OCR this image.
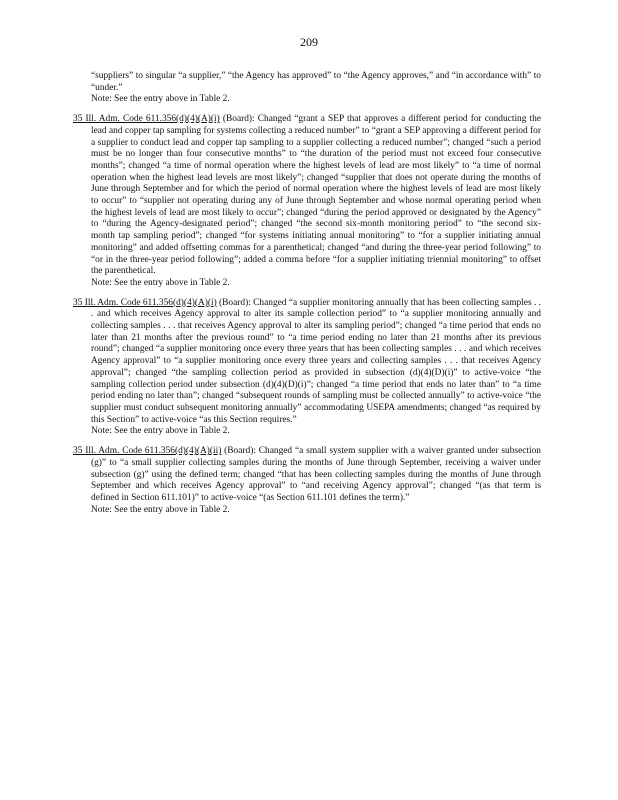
209

“suppliers” to singular “a supplier,” “the Agency has approved” to “the Agency approves,” and “in accordance with” to “under.”

Note: See the entry above in Table 2.

35 Ill. Adm. Code 611.356(d)(4)(A)(i) (Board): Changed “grant a SEP that approves a different period for conducting the lead and copper tap sampling for systems collecting a reduced number” to “grant a SEP approving a different period for a supplier to conduct lead and copper tap sampling to a supplier collecting a reduced number”; changed “such a period must be no longer than four consecutive months” to “the duration of the period must not exceed four consecutive months”; changed “a time of normal operation where the highest levels of lead are most likely” to “a time of normal operation when the highest lead levels are most likely”; changed “supplier that does not operate during the months of June through September and for which the period of normal operation where the highest levels of lead are most likely to occur” to “supplier not operating during any of June through September and whose normal operating period when the highest levels of lead are most likely to occur”; changed “during the period approved or designated by the Agency” to “during the Agency-designated period”; changed “the second six-month monitoring period” to “the second six-month tap sampling period”; changed “for systems initiating annual monitoring” to “for a supplier initiating annual monitoring” and added offsetting commas for a parenthetical; changed “and during the three-year period following” to “or in the three-year period following”; added a comma before “for a supplier initiating triennial monitoring” to offset the parenthetical.

Note: See the entry above in Table 2.

35 Ill. Adm. Code 611.356(d)(4)(A)(i) (Board): Changed “a supplier monitoring annually that has been collecting samples . . . and which receives Agency approval to alter its sample collection period” to “a supplier monitoring annually and collecting samples . . . that receives Agency approval to alter its sampling period”; changed “a time period that ends no later than 21 months after the previous round” to “a time period ending no later than 21 months after its previous round”; changed “a supplier monitoring once every three years that has been collecting samples . . . and which receives Agency approval” to “a supplier monitoring once every three years and collecting samples . . . that receives Agency approval”; changed “the sampling collection period as provided in subsection (d)(4)(D)(i)” to active-voice “the sampling collection period under subsection (d)(4)(D)(i)”; changed “a time period that ends no later than” to “a time period ending no later than”; changed “subsequent rounds of sampling must be collected annually” to active-voice “the supplier must conduct subsequent monitoring annually” accommodating USEPA amendments; changed “as required by this Section” to active-voice “as this Section requires.”

Note: See the entry above in Table 2.

35 Ill. Adm. Code 611.356(d)(4)(A)(ii) (Board): Changed “a small system supplier with a waiver granted under subsection (g)” to “a small supplier collecting samples during the months of June through September, receiving a waiver under subsection (g)” using the defined term; changed “that has been collecting samples during the months of June through September and which receives Agency approval” to “and receiving Agency approval”; changed “(as that term is defined in Section 611.101)” to active-voice “(as Section 611.101 defines the term).”

Note: See the entry above in Table 2.
